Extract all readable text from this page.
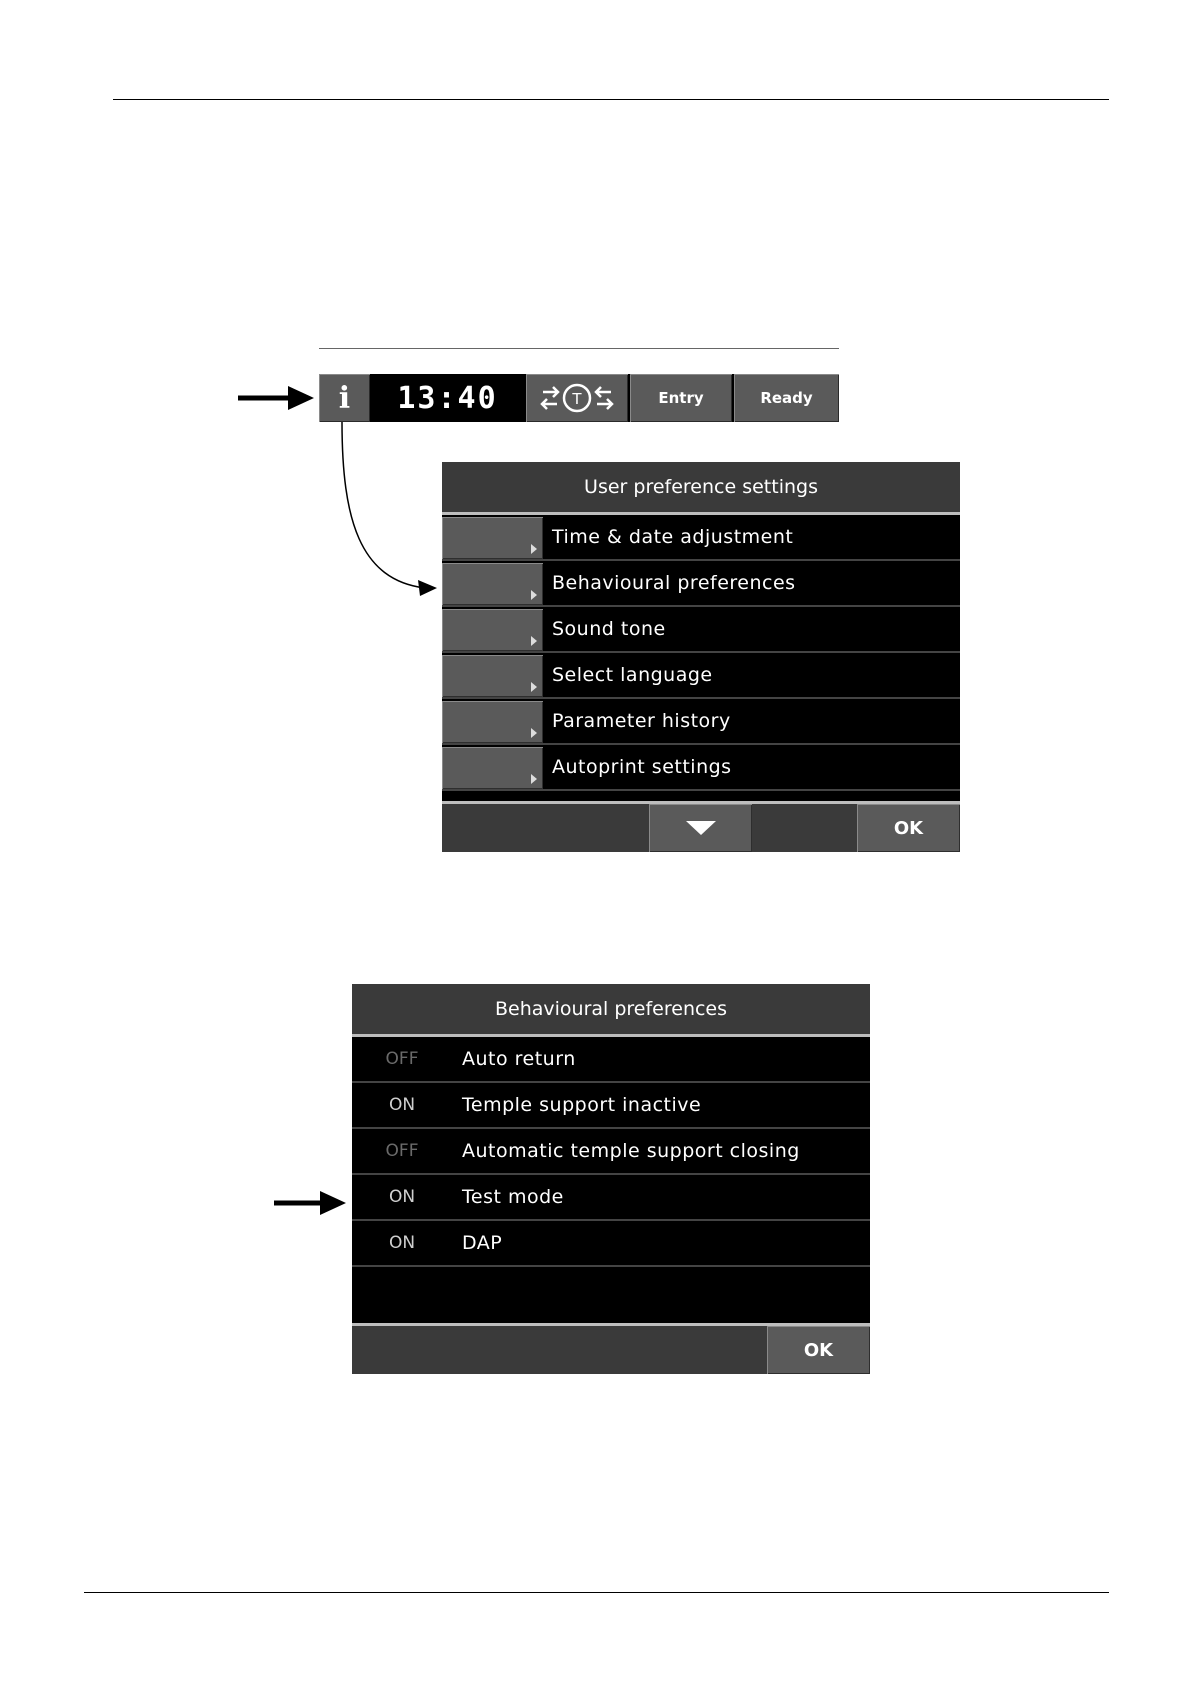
i 13:40	T	Entry	Ready
User preference settings
Time & date adjustment
Behavioural preferences
Sound tone
Select language
Parameter history
Autoprint settings
OK
Behavioural preferences
OFF	Auto return
ON	Temple support inactive
OFF	Automatic temple support closing
ON	Test mode
ON	DAP
OK
